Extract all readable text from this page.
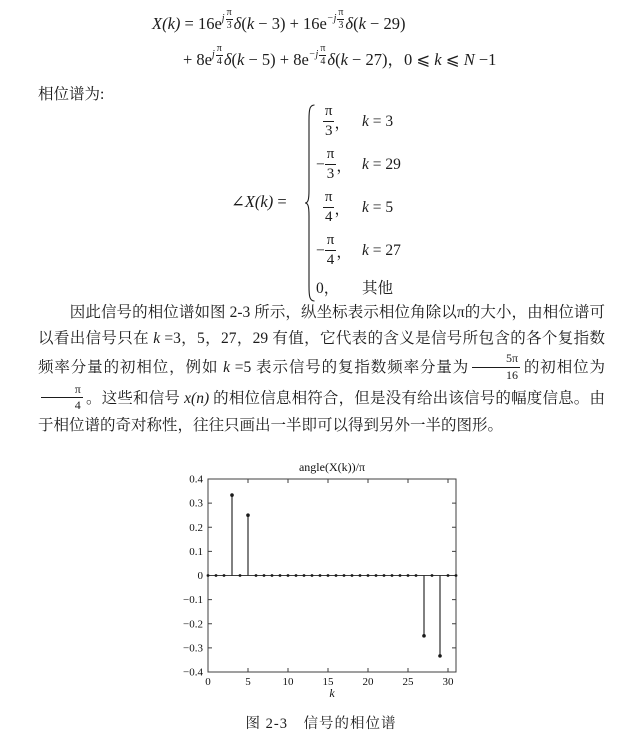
X(k) = 16e j $\frac{\pi}{3} \delta(k - 3) + 16e -j \frac{\pi}{3} \delta(k - 29)$
+ 8e j $\frac{\pi}{4} \delta(k - 5) + 8e -j \frac{\pi}{4} \delta(k - 27)$，0 ⩽ k ⩽ N −1
相位谱为:
∠X(k) =
$\frac{\pi}{3}$ ， k = 3
− $\frac{\pi}{3}$ ， k = 29
$\frac{\pi}{4}$ ， k = 5
− $\frac{\pi}{4}$ ， k = 27
0， 其他

因此信号的相位谱如图 2-3 所示，纵坐标表示相位角除以π的大小，由相位谱可以看出信号只在 k =3，5，27，29 有值，它代表的含义是信号所包含的各个复指数频率分量的初相位，例如 k =5 表示信号的复指数频率分量为 $\frac{5\pi}{16}$ 的初相位为
$\frac{\pi}{4}$ 。这些和信号 x(n) 的相位信息相符合，但是没有给出该信号的幅度信息。由于相位谱的奇对称性，往往只画出一半即可以得到另外一半的图形。

0	5	10	15	20	25	30
−0.4
−0.3
−0.2
−0.1
0
0.1
0.2
0.3
0.4
angle(X(k))/π
k
图 2-3　信号的相位谱
